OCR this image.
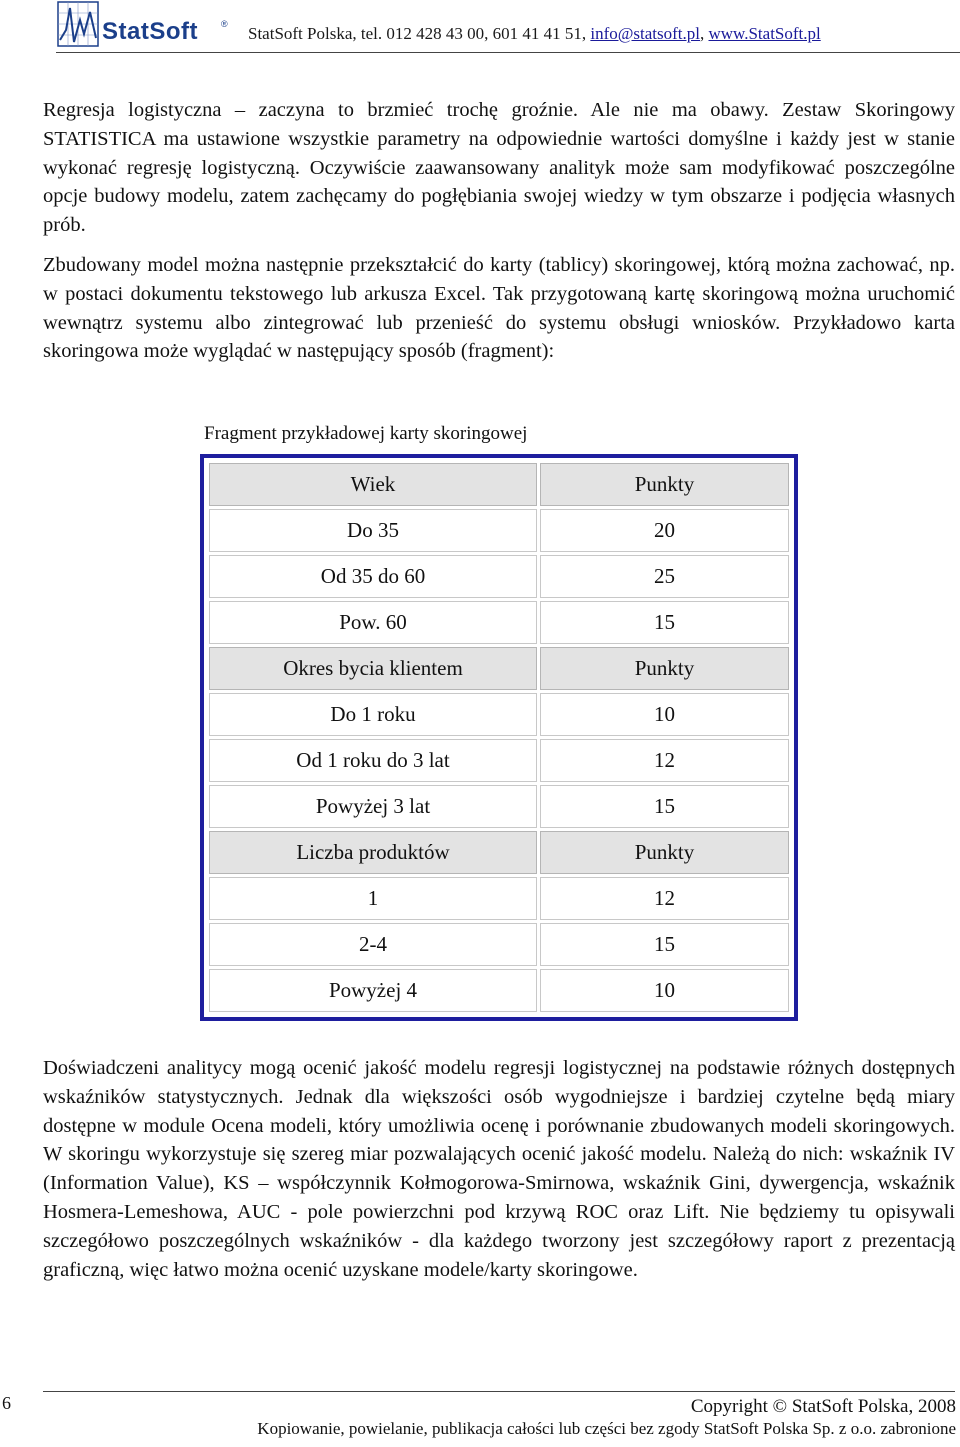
StatSoft	® StatSoft Polska, tel. 012 428 43 00, 601 41 41 51, info@statsoft.pl, www.StatSoft.pl

Regresja logistyczna – zaczyna to brzmieć trochę groźnie. Ale nie ma obawy. Zestaw Skoringowy STATISTICA ma ustawione wszystkie parametry na odpowiednie wartości domyślne i każdy jest w stanie wykonać regresję logistyczną. Oczywiście zaawansowany analityk może sam modyfikować poszczególne opcje budowy modelu, zatem zachęcamy do pogłębiania swojej wiedzy w tym obszarze i podjęcia własnych prób.

Zbudowany model można następnie przekształcić do karty (tablicy) skoringowej, którą można zachować, np. w postaci dokumentu tekstowego lub arkusza Excel. Tak przygotowaną kartę skoringową można uruchomić wewnątrz systemu albo zintegrować lub przenieść do systemu obsługi wniosków. Przykładowo karta skoringowa może wyglądać w następujący sposób (fragment):

Fragment przykładowej karty skoringowej
Wiek	Punkty
Do 35	20
Od 35 do 60	25
Pow. 60	15
Okres bycia klientem	Punkty
Do 1 roku	10
Od 1 roku do 3 lat	12
Powyżej 3 lat	15
Liczba produktów	Punkty
1	12
2-4	15
Powyżej 4	10

Doświadczeni analitycy mogą ocenić jakość modelu regresji logistycznej na podstawie różnych dostępnych wskaźników statystycznych. Jednak dla większości osób wygodniejsze i bardziej czytelne będą miary dostępne w module Ocena modeli, który umożliwia ocenę i porównanie zbudowanych modeli skoringowych. W skoringu wykorzystuje się szereg miar pozwalających ocenić jakość modelu. Należą do nich: wskaźnik IV (Information Value), KS – współczynnik Kołmogorowa-Smirnowa, wskaźnik Gini, dywergencja, wskaźnik Hosmera-Lemeshowa, AUC - pole powierzchni pod krzywą ROC oraz Lift. Nie będziemy tu opisywali szczegółowo poszczególnych wskaźników - dla każdego tworzony jest szczegółowy raport z prezentacją graficzną, więc łatwo można ocenić uzyskane modele/karty skoringowe.

6	Copyright © StatSoft Polska, 2008
Kopiowanie, powielanie, publikacja całości lub części bez zgody StatSoft Polska Sp. z o.o. zabronione
